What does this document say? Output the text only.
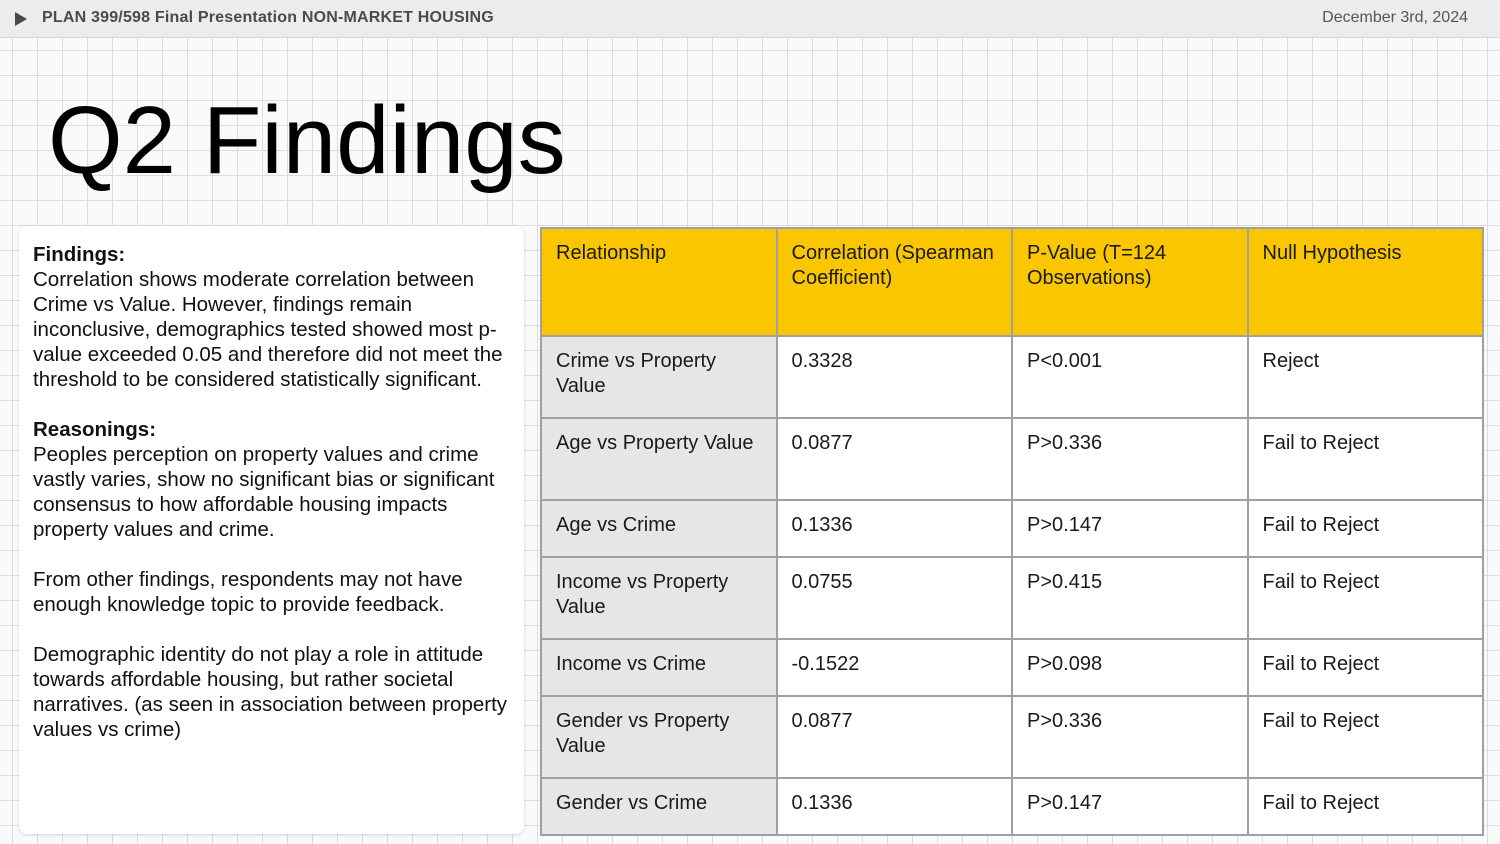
PLAN 399/598 Final Presentation NON-MARKET HOUSING	December 3rd, 2024
Q2 Findings
Findings:

Correlation shows moderate correlation between Crime vs Value. However, findings remain inconclusive, demographics tested showed most p-value exceeded 0.05 and therefore did not meet the threshold to be considered statistically significant.

Reasonings:

Peoples perception on property values and crime vastly varies, show no significant bias or significant consensus to how affordable housing impacts property values and crime.

From other findings, respondents may not have enough knowledge topic to provide feedback.

Demographic identity do not play a role in attitude towards affordable housing, but rather societal narratives. (as seen in association between property values vs crime)

Relationship	Correlation (Spearman Coefficient)	P-Value (T=124 Observations)	Null Hypothesis
Crime vs Property Value	0.3328	P<0.001	Reject
Age vs Property Value	0.0877	P>0.336	Fail to Reject
Age vs Crime	0.1336	P>0.147	Fail to Reject
Income vs Property Value	0.0755	P>0.415	Fail to Reject
Income vs Crime	-0.1522	P>0.098	Fail to Reject
Gender vs Property Value	0.0877	P>0.336	Fail to Reject
Gender vs Crime	0.1336	P>0.147	Fail to Reject
